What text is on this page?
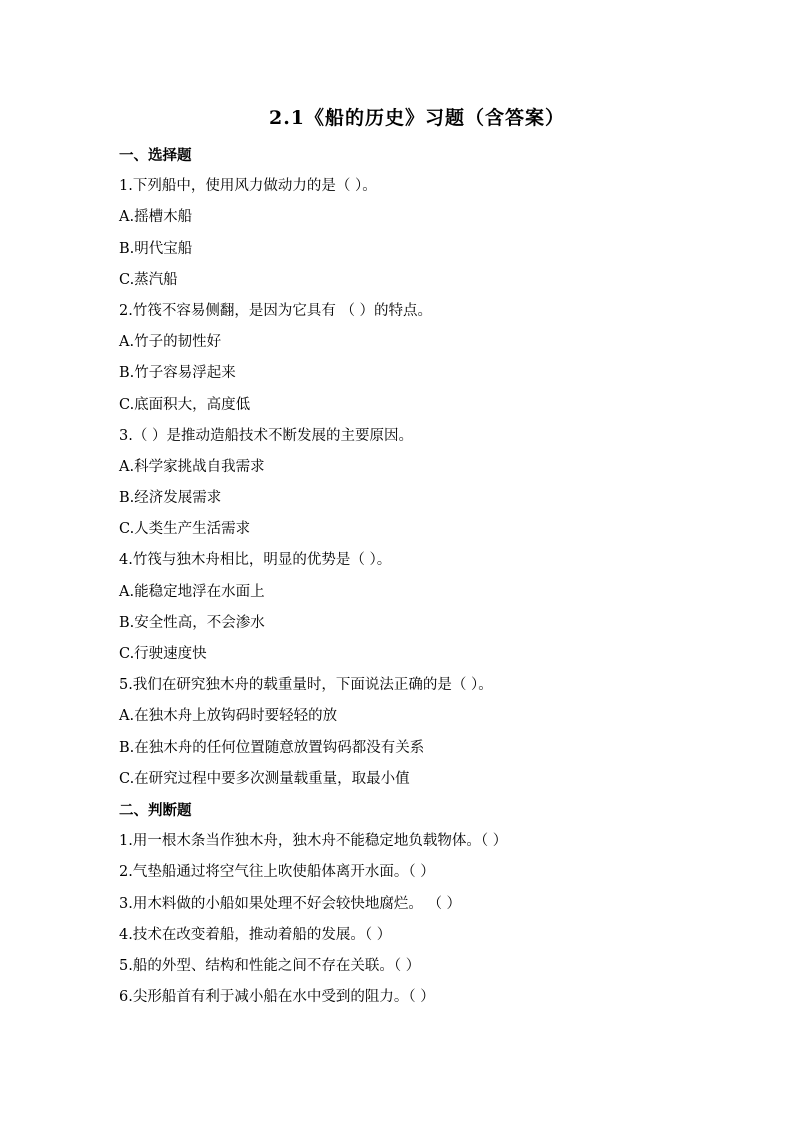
2.1《船的历史》习题（含答案）
一、选择题
1.下列船中，使用风力做动力的是（ ）。
A.摇槽木船
B.明代宝船
C.蒸汽船
2.竹筏不容易侧翻，是因为它具有 （ ）的特点。
A.竹子的韧性好
B.竹子容易浮起来
C.底面积大，高度低
3.（ ）是推动造船技术不断发展的主要原因。
A.科学家挑战自我需求
B.经济发展需求
C.人类生产生活需求
4.竹筏与独木舟相比，明显的优势是（ ）。
A.能稳定地浮在水面上
B.安全性高，不会渗水
C.行驶速度快
5.我们在研究独木舟的载重量时，下面说法正确的是（ ）。
A.在独木舟上放钩码时要轻轻的放
B.在独木舟的任何位置随意放置钩码都没有关系
C.在研究过程中要多次测量载重量，取最小值
二、判断题
1.用一根木条当作独木舟，独木舟不能稳定地负载物体。（ ）
2.气垫船通过将空气往上吹使船体离开水面。（ ）
3.用木料做的小船如果处理不好会较快地腐烂。 （ ）
4.技术在改变着船，推动着船的发展。（ ）
5.船的外型、结构和性能之间不存在关联。（ ）
6.尖形船首有利于减小船在水中受到的阻力。（ ）
